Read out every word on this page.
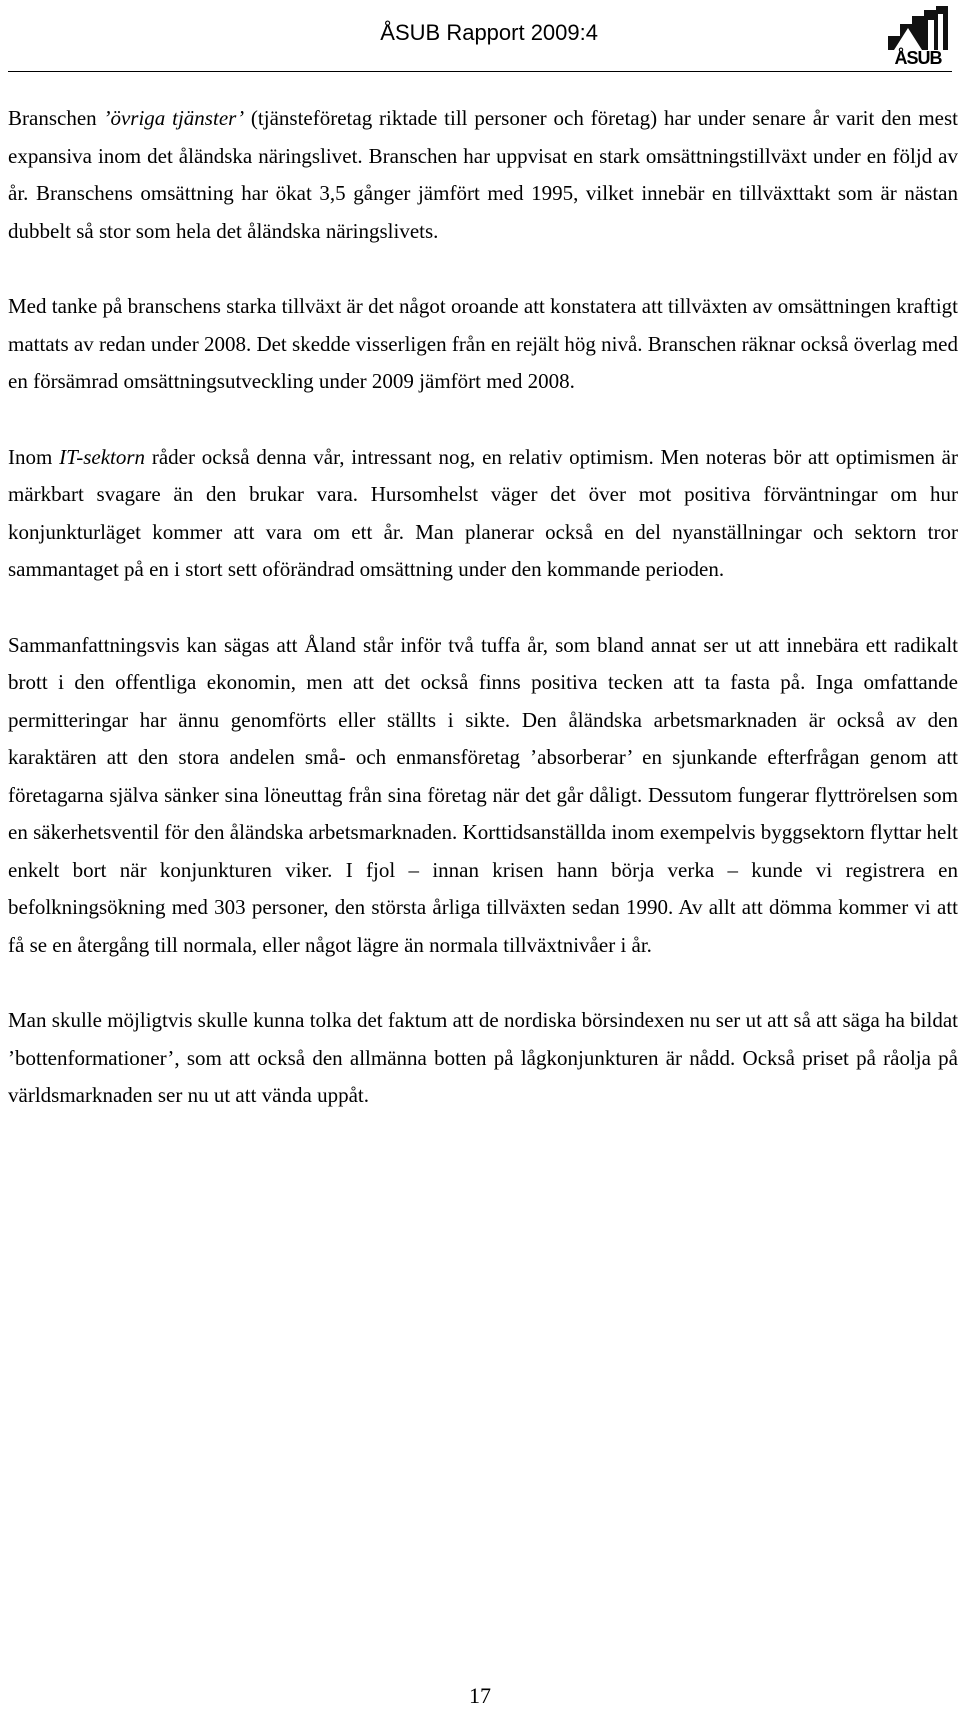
ÅSUB Rapport 2009:4
ÅSUB

Branschen ’övriga tjänster’ (tjänsteföretag riktade till personer och företag) har under senare år varit den mest expansiva inom det åländska näringslivet. Branschen har uppvisat en stark omsättningstillväxt under en följd av år. Branschens omsättning har ökat 3,5 gånger jämfört med 1995, vilket innebär en tillväxttakt som är nästan dubbelt så stor som hela det åländska näringslivets.

Med tanke på branschens starka tillväxt är det något oroande att konstatera att tillväxten av omsättningen kraftigt mattats av redan under 2008. Det skedde visserligen från en rejält hög nivå. Branschen räknar också överlag med en försämrad omsättningsutveckling under 2009 jämfört med 2008.

Inom IT-sektorn råder också denna vår, intressant nog, en relativ optimism. Men noteras bör att optimismen är märkbart svagare än den brukar vara. Hursomhelst väger det över mot positiva förväntningar om hur konjunkturläget kommer att vara om ett år. Man planerar också en del nyanställningar och sektorn tror sammantaget på en i stort sett oförändrad omsättning under den kommande perioden.

Sammanfattningsvis kan sägas att Åland står inför två tuffa år, som bland annat ser ut att innebära ett radikalt brott i den offentliga ekonomin, men att det också finns positiva tecken att ta fasta på. Inga omfattande permitteringar har ännu genomförts eller ställts i sikte. Den åländska arbetsmarknaden är också av den karaktären att den stora andelen små- och enmansföretag ’absorberar’ en sjunkande efterfrågan genom att företagarna själva sänker sina löneuttag från sina företag när det går dåligt. Dessutom fungerar flyttrörelsen som en säkerhetsventil för den åländska arbetsmarknaden. Korttidsanställda inom exempelvis byggsektorn flyttar helt enkelt bort när konjunkturen viker. I fjol – innan krisen hann börja verka – kunde vi registrera en befolkningsökning med 303 personer, den största årliga tillväxten sedan 1990. Av allt att dömma kommer vi att få se en återgång till normala, eller något lägre än normala tillväxtnivåer i år.

Man skulle möjligtvis skulle kunna tolka det faktum att de nordiska börsindexen nu ser ut att så att säga ha bildat ’bottenformationer’, som att också den allmänna botten på lågkonjunkturen är nådd. Också priset på råolja på världsmarknaden ser nu ut att vända uppåt.

17
